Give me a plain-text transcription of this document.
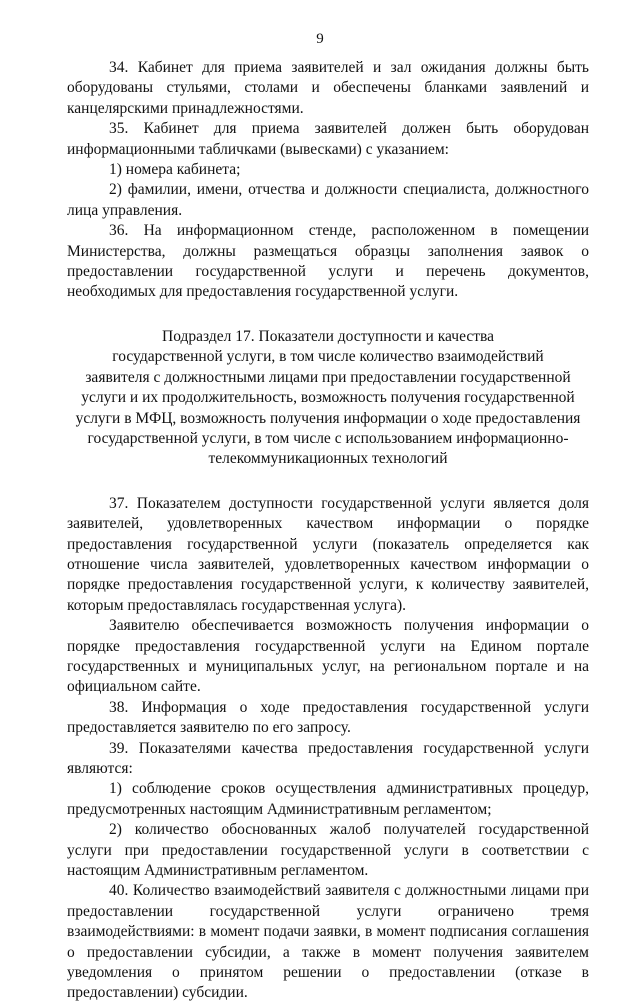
9

34. Кабинет для приема заявителей и зал ожидания должны быть оборудованы стульями, столами и обеспечены бланками заявлений и канцелярскими принадлежностями.

35. Кабинет для приема заявителей должен быть оборудован информационными табличками (вывесками) с указанием:

1) номера кабинета;

2) фамилии, имени, отчества и должности специалиста, должностного лица управления.

36. На информационном стенде, расположенном в помещении Министерства, должны размещаться образцы заполнения заявок о предоставлении государственной услуги и перечень документов, необходимых для предоставления государственной услуги.

Подраздел 17. Показатели доступности и качества
государственной услуги, в том числе количество взаимодействий
заявителя с должностными лицами при предоставлении государственной
услуги и их продолжительность, возможность получения государственной
услуги в МФЦ, возможность получения информации о ходе предоставления
государственной услуги, в том числе с использованием информационно-
телекоммуникационных технологий

37. Показателем доступности государственной услуги является доля заявителей, удовлетворенных качеством информации о порядке предоставления государственной услуги (показатель определяется как отношение числа заявителей, удовлетворенных качеством информации о порядке предоставления государственной услуги, к количеству заявителей, которым предоставлялась государственная услуга).

Заявителю обеспечивается возможность получения информации о порядке предоставления государственной услуги на Едином портале государственных и муниципальных услуг, на региональном портале и на официальном сайте.

38. Информация о ходе предоставления государственной услуги предоставляется заявителю по его запросу.

39. Показателями качества предоставления государственной услуги являются:

1) соблюдение сроков осуществления административных процедур, предусмотренных настоящим Административным регламентом;

2) количество обоснованных жалоб получателей государственной услуги при предоставлении государственной услуги в соответствии с настоящим Административным регламентом.

40. Количество взаимодействий заявителя с должностными лицами при предоставлении государственной услуги ограничено тремя взаимодействиями: в момент подачи заявки, в момент подписания соглашения о предоставлении субсидии, а также в момент получения заявителем уведомления о принятом решении о предоставлении (отказе в предоставлении) субсидии.
